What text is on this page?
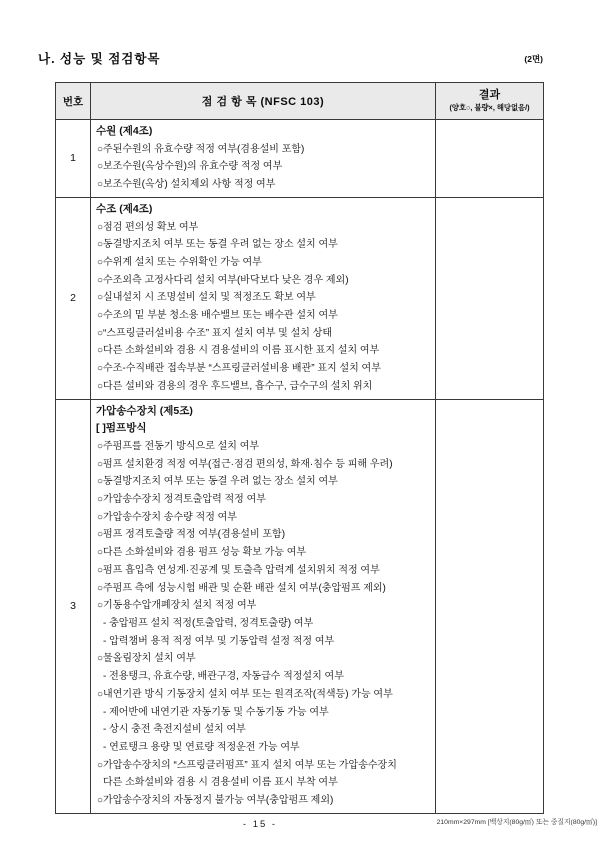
나. 성능 및 점검항목	(2면)
번호	점 검 항 목 (NFSC 103)	결과
(양호○, 불량×, 해당없음/)

1	수원 (제4조)
○주된수원의 유효수량 적정 여부(겸용설비 포함)
○보조수원(옥상수원)의 유효수량 적정 여부
○보조수원(옥상) 설치제외 사항 적정 여부	

2	
수조 (제4조)
○점검 편의성 확보 여부
○동결방지조치 여부 또는 동결 우려 없는 장소 설치 여부
○수위계 설치 또는 수위확인 가능 여부
○수조외측 고정사다리 설치 여부(바닥보다 낮은 경우 제외)
○실내설치 시 조명설비 설치 및 적정조도 확보 여부
○수조의 밑 부분 청소용 배수밸브 또는 배수관 설치 여부
○“스프링클러설비용 수조” 표지 설치 여부 및 설치 상태
○다른 소화설비와 겸용 시 겸용설비의 이름 표시한 표지 설치 여부
○수조-수직배관 접속부분 “스프링클러설비용 배관” 표지 설치 여부
○다른 설비와 겸용의 경우 후드밸브, 흡수구, 급수구의 설치 위치

3	
가압송수장치 (제5조)
[ ]펌프방식
○주펌프를 전동기 방식으로 설치 여부
○펌프 설치환경 적정 여부(접근·점검 편의성, 화재·침수 등 피해 우려)
○동결방지조치 여부 또는 동결 우려 없는 장소 설치 여부
○가압송수장치 정격토출압력 적정 여부
○가압송수장치 송수량 적정 여부
○펌프 정격토출량 적정 여부(겸용설비 포함)
○다른 소화설비와 겸용 펌프 성능 확보 가능 여부
○펌프 흡입측 연성계·진공계 및 토출측 압력계 설치위치 적정 여부
○주펌프 측에 성능시험 배관 및 순환 배관 설치 여부(충압펌프 제외)
○기동용수압개폐장치 설치 적정 여부
- 충압펌프 설치 적정(토출압력, 정격토출량) 여부
- 압력챔버 용적 적정 여부 및 기동압력 설정 적정 여부
○물올림장치 설치 여부
- 전용탱크, 유효수량, 배관구경, 자동급수 적정설치 여부
○내연기관 방식 기동장치 설치 여부 또는 원격조작(적색등) 가능 여부
- 제어반에 내연기관 자동기동 및 수동기동 가능 여부
- 상시 충전 축전지설비 설치 여부
- 연료탱크 용량 및 연료량 적정운전 가능 여부
○가압송수장치의 “스프링클러펌프” 표지 설치 여부 또는 가압송수장치
다른 소화설비와 겸용 시 겸용설비 이름 표시 부착 여부
○가압송수장치의 자동정지 불가능 여부(충압펌프 제외)

- 15 -	210mm×297mm [백상지(80g/㎡) 또는 중질지(80g/㎡)]
